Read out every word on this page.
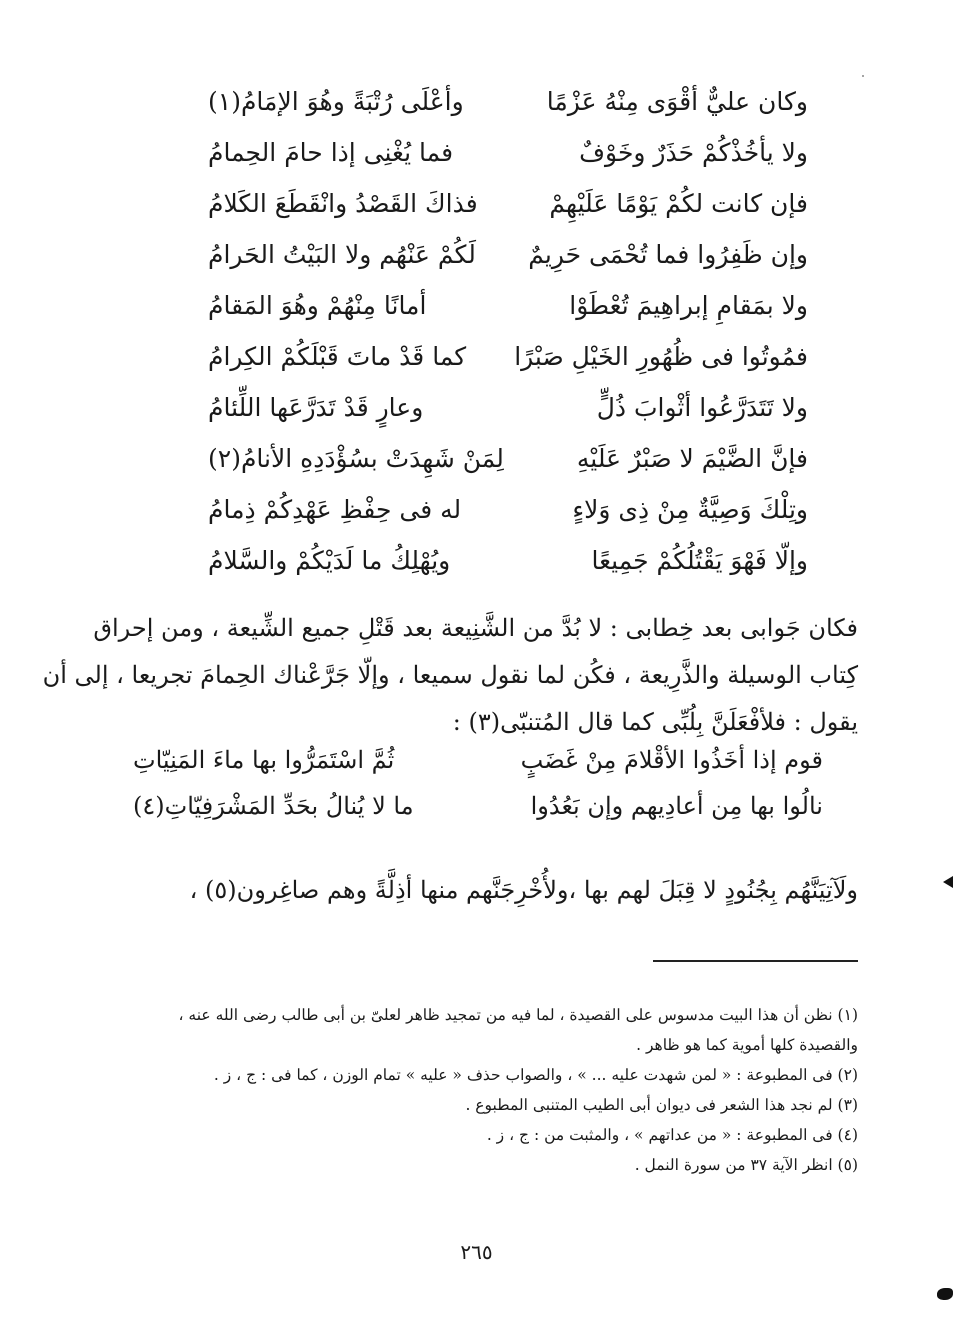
وكان عليٌّ أقْوَى مِنْهُ عَزْمًا
وأعْلَى رُتْبَةً وهُوَ الإمَامُ(١)
ولا يأخُذْكُمْ حَذَرٌ وخَوْفٌ
فما يُغْنِى إذا حامَ الحِمامُ
فإن كانت لكُمْ يَوْمًا عَلَيْهِمْ
فذاكَ القَصْدُ وانْقَطَعَ الكَلامُ
وإن ظَفِرُوا فما تُحْمَى حَرِيمٌ
لَكُمْ عَنْهُم ولا البَيْتُ الحَرامُ
ولا بمَقامِ إبراهِيمَ تُعْطَوْا
أمانًا مِنْهُمْ وهُوَ المَقامُ
فمُوتُوا فى ظُهُورِ الخَيْلِ صَبْرًا
كما قَدْ ماتَ قَبْلَكُمْ الكِرامُ
ولا تَتَدَرَّعُوا أثْوابَ ذُلٍّ
وعارٍ قَدْ تَدَرَّعَها اللِّئامُ
فإنَّ الضَّيْمَ لا صَبْرٌ عَلَيْهِ
لِمَنْ شَهِدَتْ بسُؤْدَدِهِ الأنامُ(٢)
وتِلْكَ وَصِيَّةٌ مِنْ ذِى وَلاءٍ
له فى حِفْظِ عَهْدِكُمْ ذِمامُ
وإلّا فَهْوَ يَقْتُلُكُمْ جَمِيعًا
ويُهْلِكُ ما لَدَيْكُمْ والسَّلامُ
فكان جَوابى بعد خِطابى : لا بُدَّ من الشَّنِيعة بعد قَتْلِ جميع الشِّيعة ، ومن إحراق
كِتاب الوسيلة والذَّرِيعة ، فكُن لما نقول سميعا ، وإلّا جَرَّعْناك الحِمامَ تجريعا ، إلى أن
يقول : فلأفْعَلَنَّ بِلُبِّى كما قال المُتنبّى(٣) :
قوم إذا أخَذُوا الأقْلامَ مِنْ غَضَبٍ
ثُمَّ اسْتَمَرُّوا بها ماءَ المَنِيّاتِ
نالُوا بها مِن أعادِيهم وإن بَعُدُوا
ما لا يُنالُ بحَدِّ المَشْرَفِيّاتِ(٤)
ولَآتِيَنَّهُم بِجُنُودٍ لا قِبَلَ لهم بها ،ولأُخْرِجَنَّهم منها أذِلَّةً وهم صاغِرون(٥) ،
(١) نظن أن هذا البيت مدسوس على القصيدة ، لما فيه من تمجيد ظاهر لعلىّ بن أبى طالب رضى الله عنه ،
والقصيدة كلها أموية كما هو ظاهر .
(٢) فى المطبوعة : « لمن شهدت عليه ... » ، والصواب حذف « عليه » تمام الوزن ، كما فى : ج ، ز .
(٣) لم نجد هذا الشعر فى ديوان أبى الطيب المتنبى المطبوع .
(٤) فى المطبوعة : « من عداتهم » ، والمثبت من : ج ، ز .
(٥) انظر الآية ٣٧ من سورة النمل .
٢٦٥
